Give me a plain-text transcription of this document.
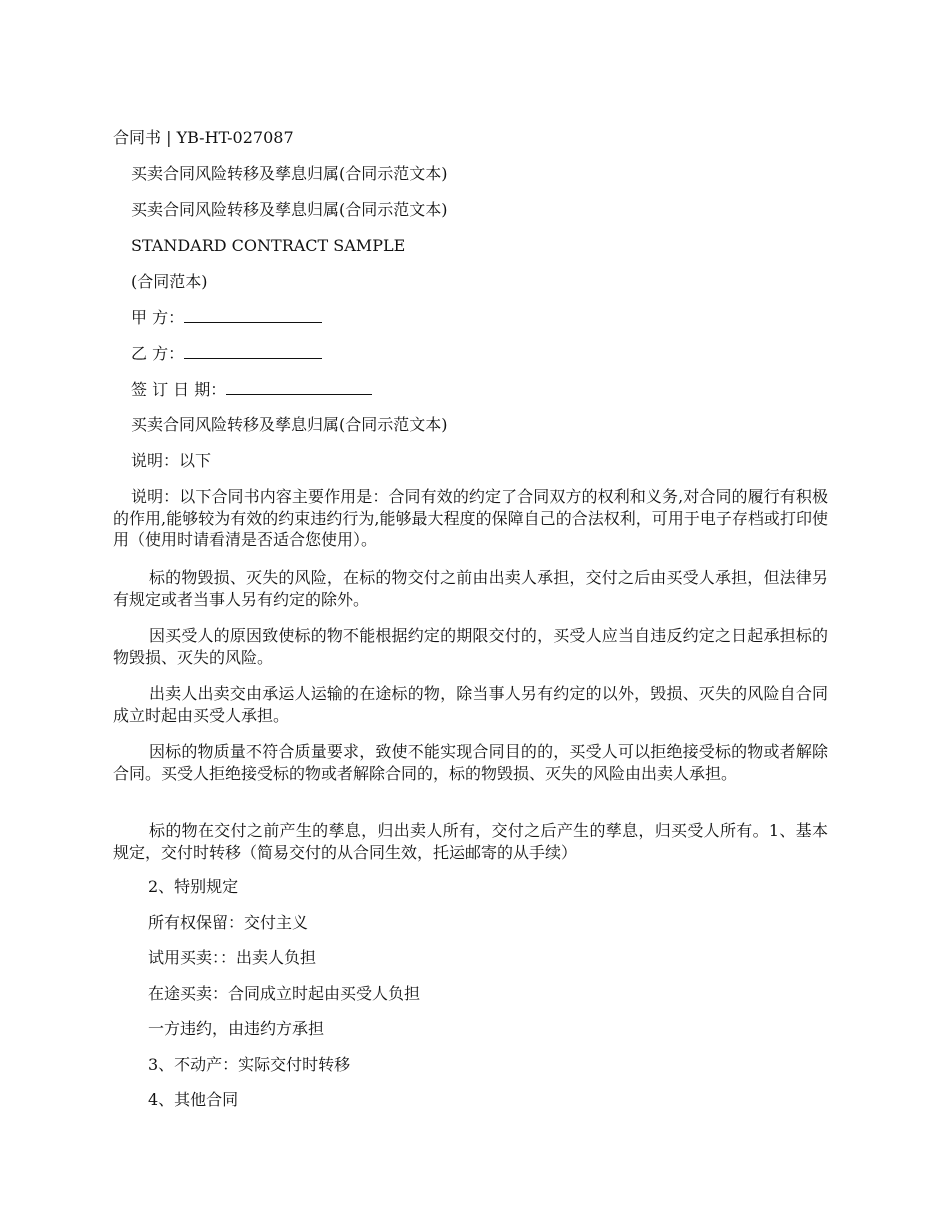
合同书 | YB-HT-027087
买卖合同风险转移及孳息归属(合同示范文本)
买卖合同风险转移及孳息归属(合同示范文本)
STANDARD CONTRACT SAMPLE
(合同范本)
甲 方：
乙 方：
签 订 日 期：
买卖合同风险转移及孳息归属(合同示范文本)
说明：以下
说明：以下合同书内容主要作用是：合同有效的约定了合同双方的权利和义务,对合同的履行有积极的作用,能够较为有效的约束违约行为,能够最大程度的保障自己的合法权利，可用于电子存档或打印使用（使用时请看清是否适合您使用）。
标的物毁损、灭失的风险，在标的物交付之前由出卖人承担，交付之后由买受人承担，但法律另有规定或者当事人另有约定的除外。
因买受人的原因致使标的物不能根据约定的期限交付的，买受人应当自违反约定之日起承担标的物毁损、灭失的风险。
出卖人出卖交由承运人运输的在途标的物，除当事人另有约定的以外，毁损、灭失的风险自合同成立时起由买受人承担。
因标的物质量不符合质量要求，致使不能实现合同目的的，买受人可以拒绝接受标的物或者解除合同。买受人拒绝接受标的物或者解除合同的，标的物毁损、灭失的风险由出卖人承担。
标的物在交付之前产生的孳息，归出卖人所有，交付之后产生的孳息，归买受人所有。1、基本规定，交付时转移（简易交付的从合同生效，托运邮寄的从手续）
2、特别规定
所有权保留：交付主义
试用买卖：：出卖人负担
在途买卖：合同成立时起由买受人负担
一方违约，由违约方承担
3、不动产：实际交付时转移
4、其他合同
